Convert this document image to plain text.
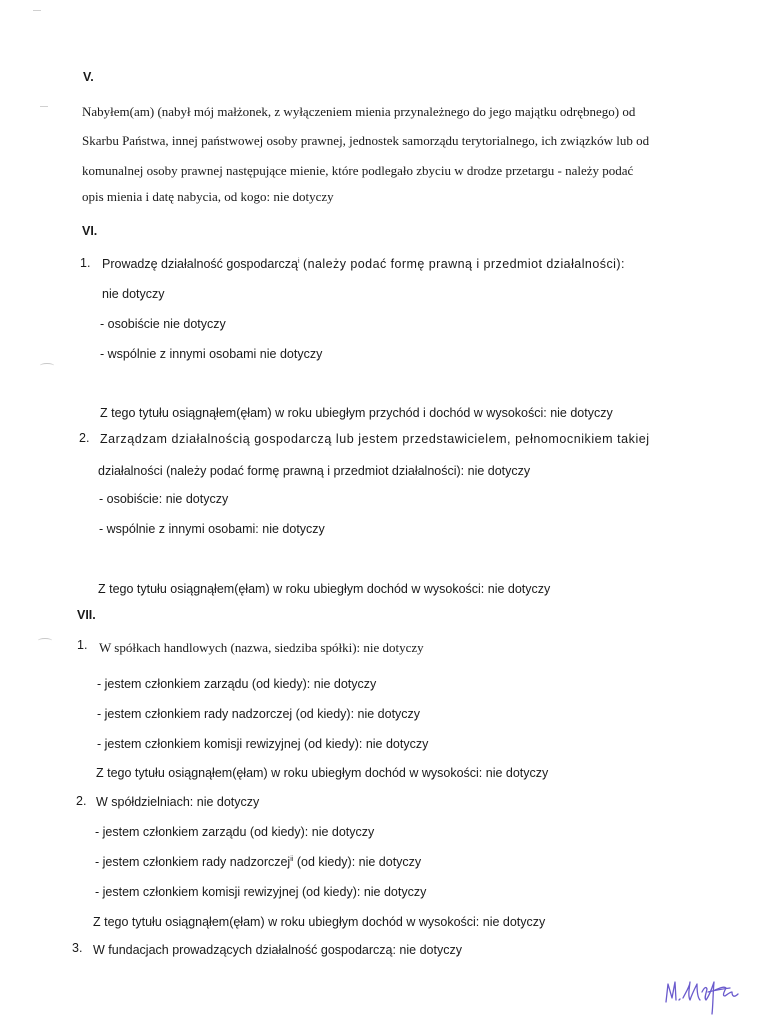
V.
Nabyłem(am) (nabył mój małżonek, z wyłączeniem mienia przynależnego do jego majątku odrębnego) od
Skarbu Państwa, innej państwowej osoby prawnej, jednostek samorządu terytorialnego, ich związków lub od
komunalnej osoby prawnej następujące mienie, które podlegało zbyciu w drodze przetargu - należy podać
opis mienia i datę nabycia, od kogo: nie dotyczy
VI.
1. Prowadzę działalność gospodarczą$^i$ (należy podać formę prawną i przedmiot działalności):
nie dotyczy
- osobiście nie dotyczy
- wspólnie z innymi osobami nie dotyczy
Z tego tytułu osiągnąłem(ęłam) w roku ubiegłym przychód i dochód w wysokości: nie dotyczy
2. Zarządzam działalnością gospodarczą lub jestem przedstawicielem, pełnomocnikiem takiej
działalności (należy podać formę prawną i przedmiot działalności): nie dotyczy
- osobiście: nie dotyczy
- wspólnie z innymi osobami: nie dotyczy
Z tego tytułu osiągnąłem(ęłam) w roku ubiegłym dochód w wysokości: nie dotyczy
VII.
1. W spółkach handlowych (nazwa, siedziba spółki): nie dotyczy
- jestem członkiem zarządu (od kiedy): nie dotyczy
- jestem członkiem rady nadzorczej (od kiedy): nie dotyczy
- jestem członkiem komisji rewizyjnej (od kiedy): nie dotyczy
Z tego tytułu osiągnąłem(ęłam) w roku ubiegłym dochód w wysokości: nie dotyczy
2. W spółdzielniach: nie dotyczy
- jestem członkiem zarządu (od kiedy): nie dotyczy
- jestem członkiem rady nadzorczej$^{ii}$ (od kiedy): nie dotyczy
- jestem członkiem komisji rewizyjnej (od kiedy): nie dotyczy
Z tego tytułu osiągnąłem(ęłam) w roku ubiegłym dochód w wysokości: nie dotyczy
3. W fundacjach prowadzących działalność gospodarczą: nie dotyczy
